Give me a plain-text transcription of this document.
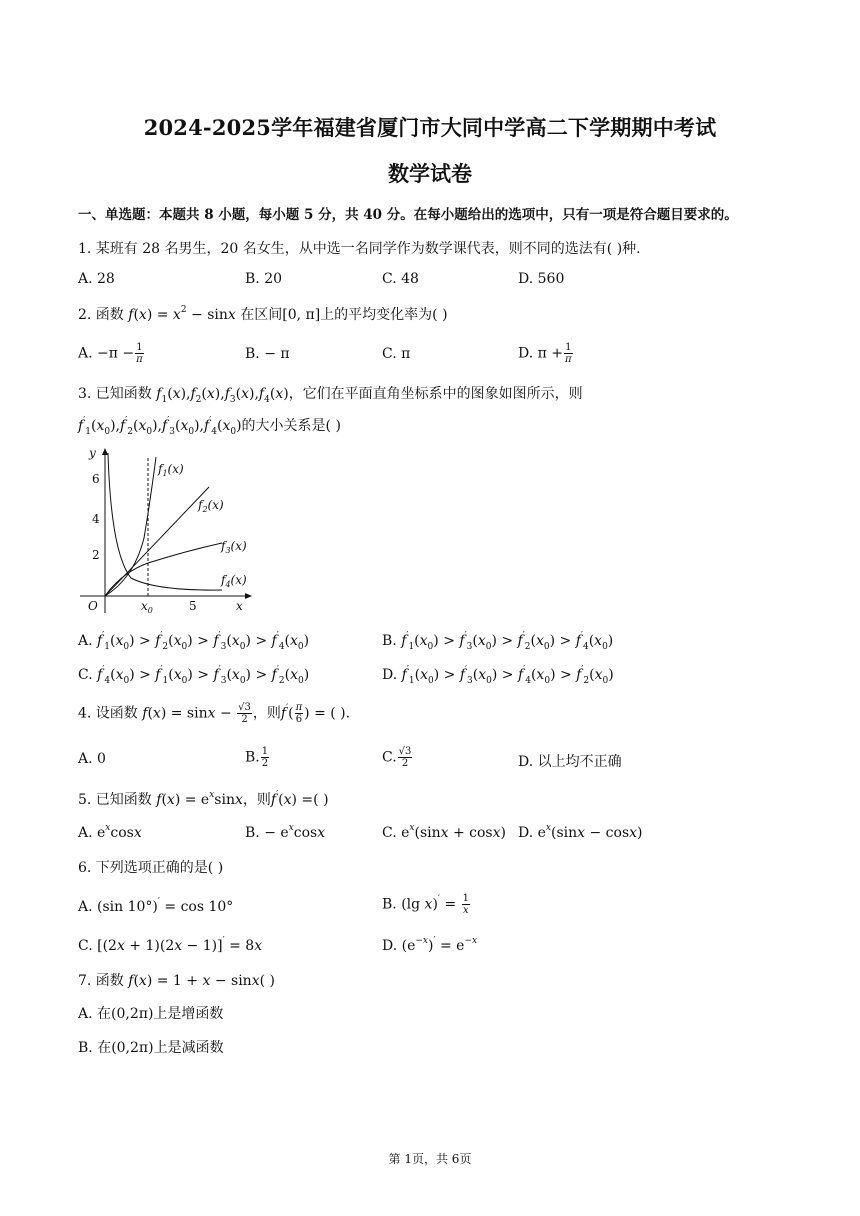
2024-2025学年福建省厦门市大同中学高二下学期期中考试
数学试卷
一、单选题：本题共 8 小题，每小题 5 分，共 40 分。在每小题给出的选项中，只有一项是符合题目要求的。
1. 某班有 28 名男生，20 名女生，从中选一名同学作为数学课代表，则不同的选法有( )种.
A. 28	B. 20	C. 48	D. 560
2. 函数 $f(x) = x^2 - \sin x$ 在区间[0, π]上的平均变化率为( )
A. $-\pi - \frac{1}{\pi}$	B. − π	C. π	D. $\pi + \frac{1}{\pi}$
3. 已知函数 $f_1(x),f_2(x),f_3(x),f_4(x)$，它们在平面直角坐标系中的图象如图所示，则
$f'_1(x_0),f'_2(x_0),f'_3(x_0),f'_4(x_0)$的大小关系是( )
y
x
O
2
4
6
$x_0$	5
$f_1(x)$
$f_2(x)$
$f_3(x)$
$f_4(x)$
A. $f'_1(x_0) > f'_2(x_0) > f'_3(x_0) > f'_4(x_0)$	B. $f'_1(x_0) > f'_3(x_0) > f'_2(x_0) > f'_4(x_0)$
C. $f'_4(x_0) > f'_1(x_0) > f'_3(x_0) > f'_2(x_0)$	D. $f'_1(x_0) > f'_3(x_0) > f'_4(x_0) > f'_2(x_0)$
4. 设函数 $f(x) = \sin x - \frac{√3}{2}$ ，则$f'( \frac{\pi}{6}$ ) = ( ).
A. 0	B. $\frac{1}{2}$	C. $\frac{√3}{2}$	D. 以上均不正确
5. 已知函数 $f(x) = e^x\sin x$，则f′(x) =( )
A. $e^x\cos x$	B. − $e^x\cos x$	C. $e^x(\sin x + \cos x)$ D. $e^x(\sin x - \cos x)$
6. 下列选项正确的是( )
A. (sin 10°)′ = cos 10°	B. (lg $x)' = \frac{1}{x}$
C. [(2x + 1)(2x − 1)]′ = 8x	D. $(e^{-x})' = e^{-x}$
7. 函数 f(x) = 1 + x − sinx( )
A. 在(0,2π)上是增函数
B. 在(0,2π)上是减函数
第 1页，共 6页
